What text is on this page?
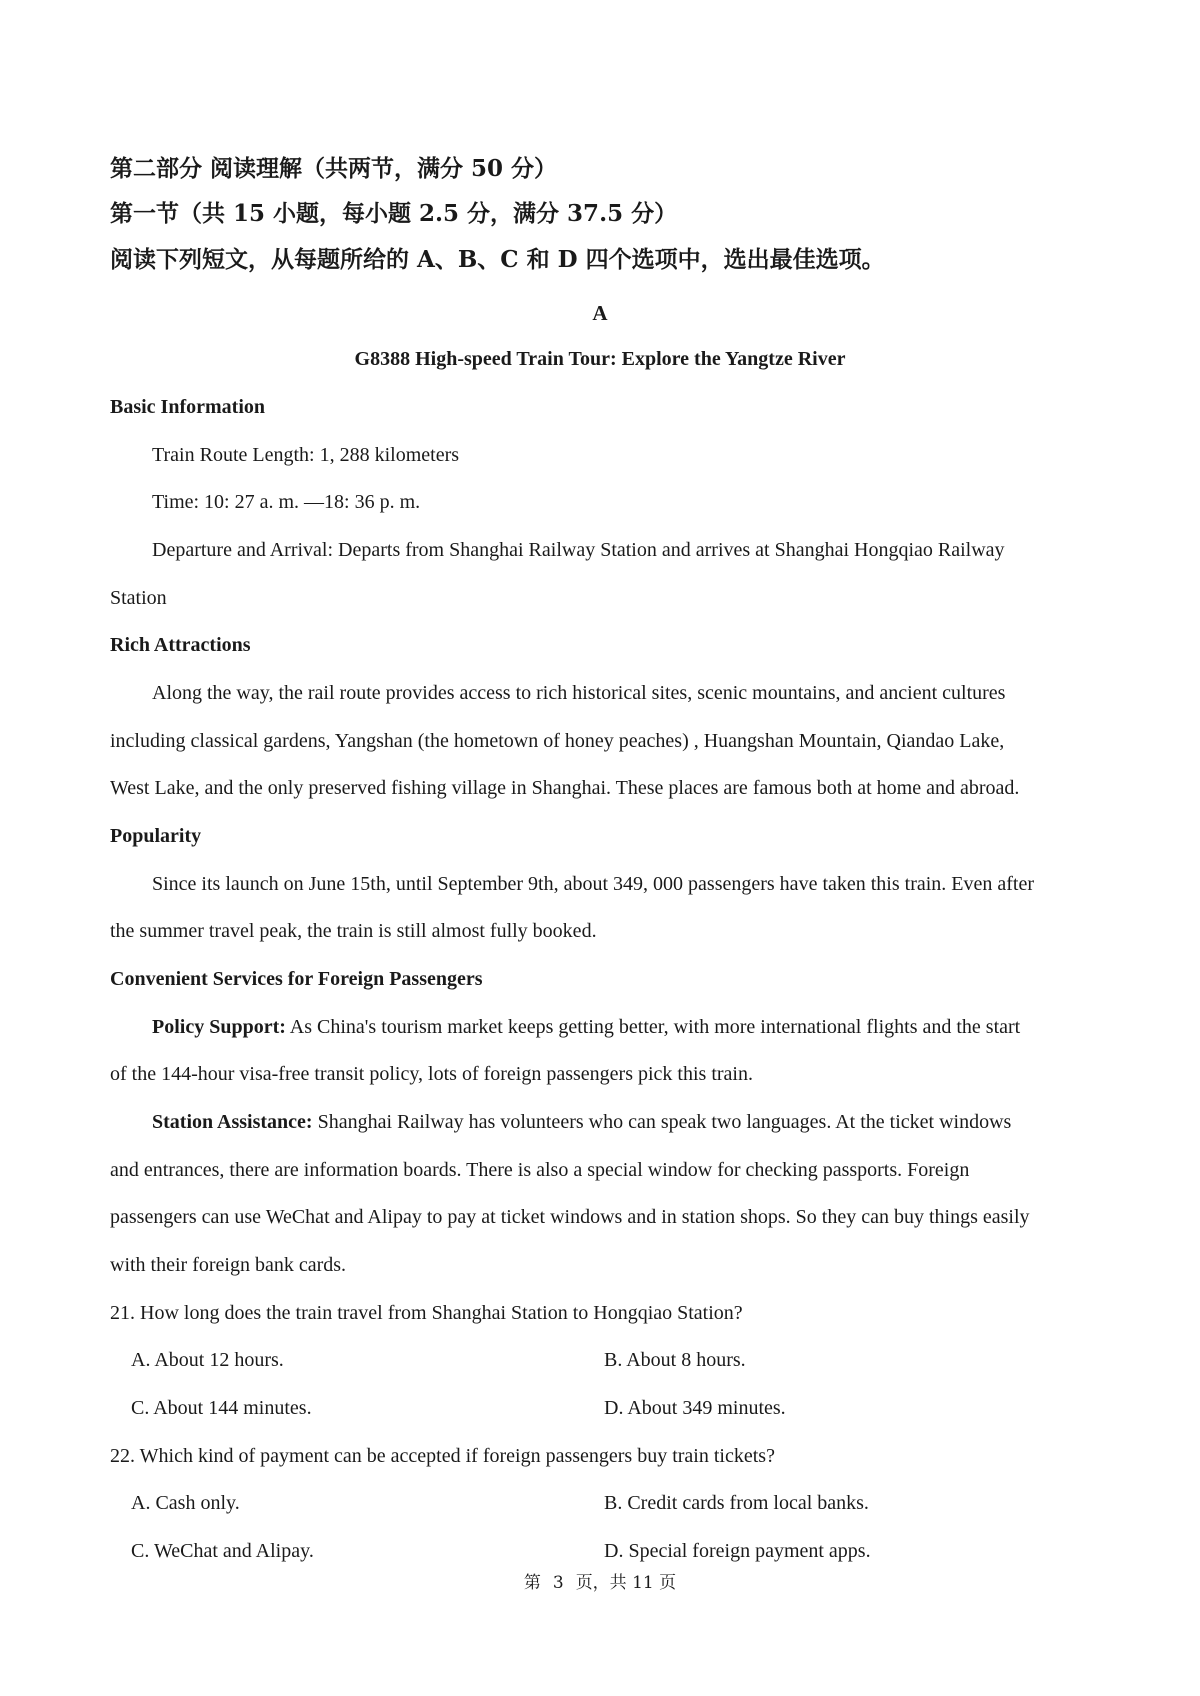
第二部分 阅读理解（共两节，满分 50 分）
第一节（共 15 小题，每小题 2.5 分，满分 37.5 分）
阅读下列短文，从每题所给的 A、B、C 和 D 四个选项中，选出最佳选项。
A
G8388 High-speed Train Tour: Explore the Yangtze River
Basic Information
Train Route Length: 1, 288 kilometers
Time: 10: 27 a. m. —18: 36 p. m.
Departure and Arrival: Departs from Shanghai Railway Station and arrives at Shanghai Hongqiao Railway
Station
Rich Attractions
Along the way, the rail route provides access to rich historical sites, scenic mountains, and ancient cultures
including classical gardens, Yangshan (the hometown of honey peaches) , Huangshan Mountain, Qiandao Lake,
West Lake, and the only preserved fishing village in Shanghai. These places are famous both at home and abroad.
Popularity
Since its launch on June 15th, until September 9th, about 349, 000 passengers have taken this train. Even after
the summer travel peak, the train is still almost fully booked.
Convenient Services for Foreign Passengers
Policy Support: As China's tourism market keeps getting better, with more international flights and the start
of the 144-hour visa-free transit policy, lots of foreign passengers pick this train.
Station Assistance: Shanghai Railway has volunteers who can speak two languages. At the ticket windows
and entrances, there are information boards. There is also a special window for checking passports. Foreign
passengers can use WeChat and Alipay to pay at ticket windows and in station shops. So they can buy things easily
with their foreign bank cards.
21. How long does the train travel from Shanghai Station to Hongqiao Station?
A. About 12 hours.	B. About 8 hours.
C. About 144 minutes.	D. About 349 minutes.
22. Which kind of payment can be accepted if foreign passengers buy train tickets?
A. Cash only.	B. Credit cards from local banks.
C. WeChat and Alipay.	D. Special foreign payment apps.
第 3 页，共 11 页
